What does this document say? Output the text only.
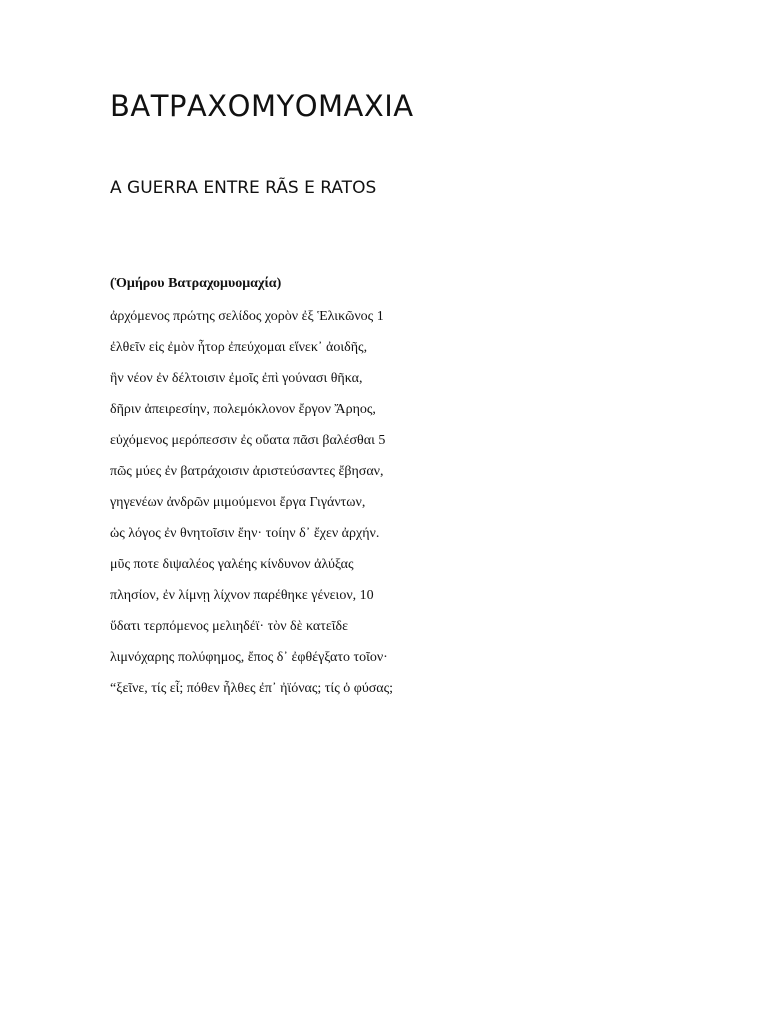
ΒΑΤΡΑΧΟΜΥΟΜΑΧΙΑ
A GUERRA ENTRE RÃS E RATOS

(Ὁμήρου Βατραχομυομαχία)

ἀρχόμενος πρώτης σελίδος χορὸν ἐξ Ἑλικῶνος 1
ἐλθεῖν εἰς ἐμὸν ἦτορ ἐπεύχομαι εἵνεκ᾽ ἀοιδῆς,
ἣν νέον ἐν δέλτοισιν ἐμοῖς ἐπὶ γούνασι θῆκα,
δῆριν ἀπειρεσίην, πολεμόκλονον ἔργον Ἄρηος,
εὐχόμενος μερόπεσσιν ἐς οὔατα πᾶσι βαλέσθαι 5
πῶς μύες ἐν βατράχοισιν ἀριστεύσαντες ἔβησαν,
γηγενέων ἀνδρῶν μιμούμενοι ἔργα Γιγάντων,
ὡς λόγος ἐν θνητοῖσιν ἔην· τοίην δ᾽ ἔχεν ἀρχήν.
μῦς ποτε διψαλέος γαλέης κίνδυνον ἀλύξας
πλησίον, ἐν λίμνῃ λίχνον παρέθηκε γένειον, 10
ὕδατι τερπόμενος μελιηδέϊ· τὸν δὲ κατεῖδε
λιμνόχαρης πολύφημος, ἔπος δ᾽ ἐφθέγξατο τοῖον·
“ξεῖνε, τίς εἶ; πόθεν ἦλθες ἐπ᾽ ἠϊόνας; τίς ὁ φύσας;
